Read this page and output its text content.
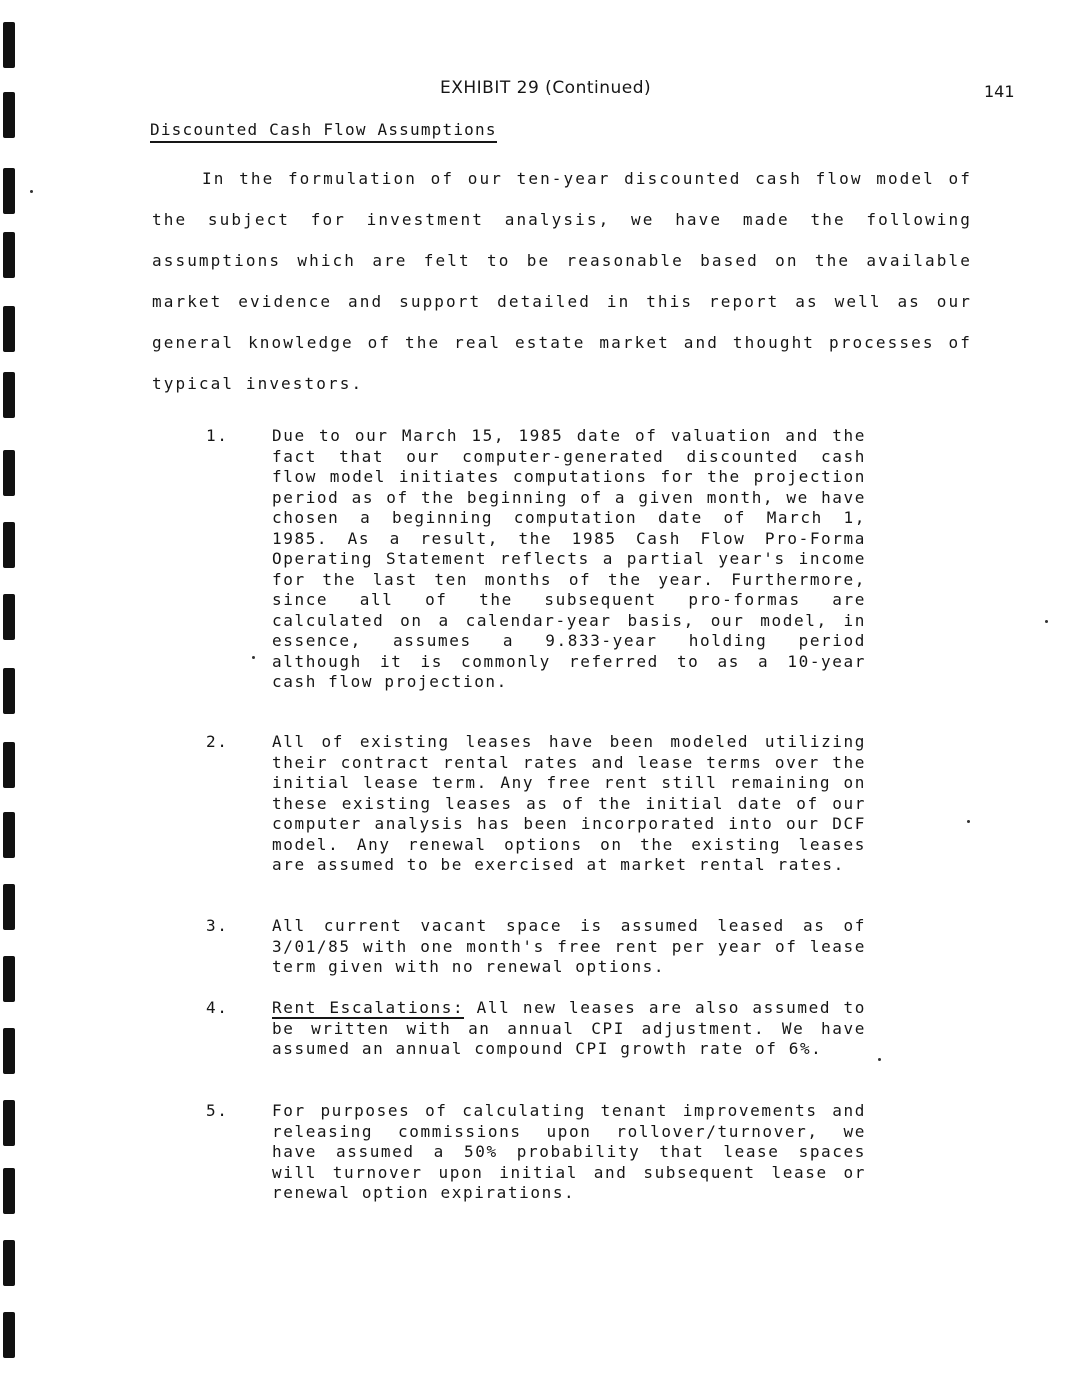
EXHIBIT 29 (Continued)	141
Discounted Cash Flow Assumptions

In the formulation of our ten-year discounted cash flow model of the subject for investment analysis, we have made the following assumptions which are felt to be reasonable based on the available market evidence and support detailed in this report as well as our general knowledge of the real estate market and thought processes of typical investors.

1.	Due to our March 15, 1985 date of valuation and the fact that our computer-generated discounted cash flow model initiates computations for the projection period as of the beginning of a given month, we have chosen a beginning computation date of March 1, 1985. As a result, the 1985 Cash Flow Pro-Forma Operating Statement reflects a partial year's income for the last ten months of the year. Furthermore, since all of the subsequent pro-formas are calculated on a calendar-year basis, our model, in essence, assumes a 9.833-year holding period although it is commonly referred to as a 10-year cash flow projection.

2.	All of existing leases have been modeled utilizing their contract rental rates and lease terms over the initial lease term. Any free rent still remaining on these existing leases as of the initial date of our computer analysis has been incorporated into our DCF model. Any renewal options on the existing leases are assumed to be exercised at market rental rates.

3.	All current vacant space is assumed leased as of 3/01/85 with one month's free rent per year of lease term given with no renewal options.

4.	Rent Escalations: All new leases are also assumed to be written with an annual CPI adjustment. We have assumed an annual compound CPI growth rate of 6%.

5.	For purposes of calculating tenant improvements and releasing commissions upon rollover/turnover, we have assumed a 50% probability that lease spaces will turnover upon initial and subsequent lease or renewal option expirations.
